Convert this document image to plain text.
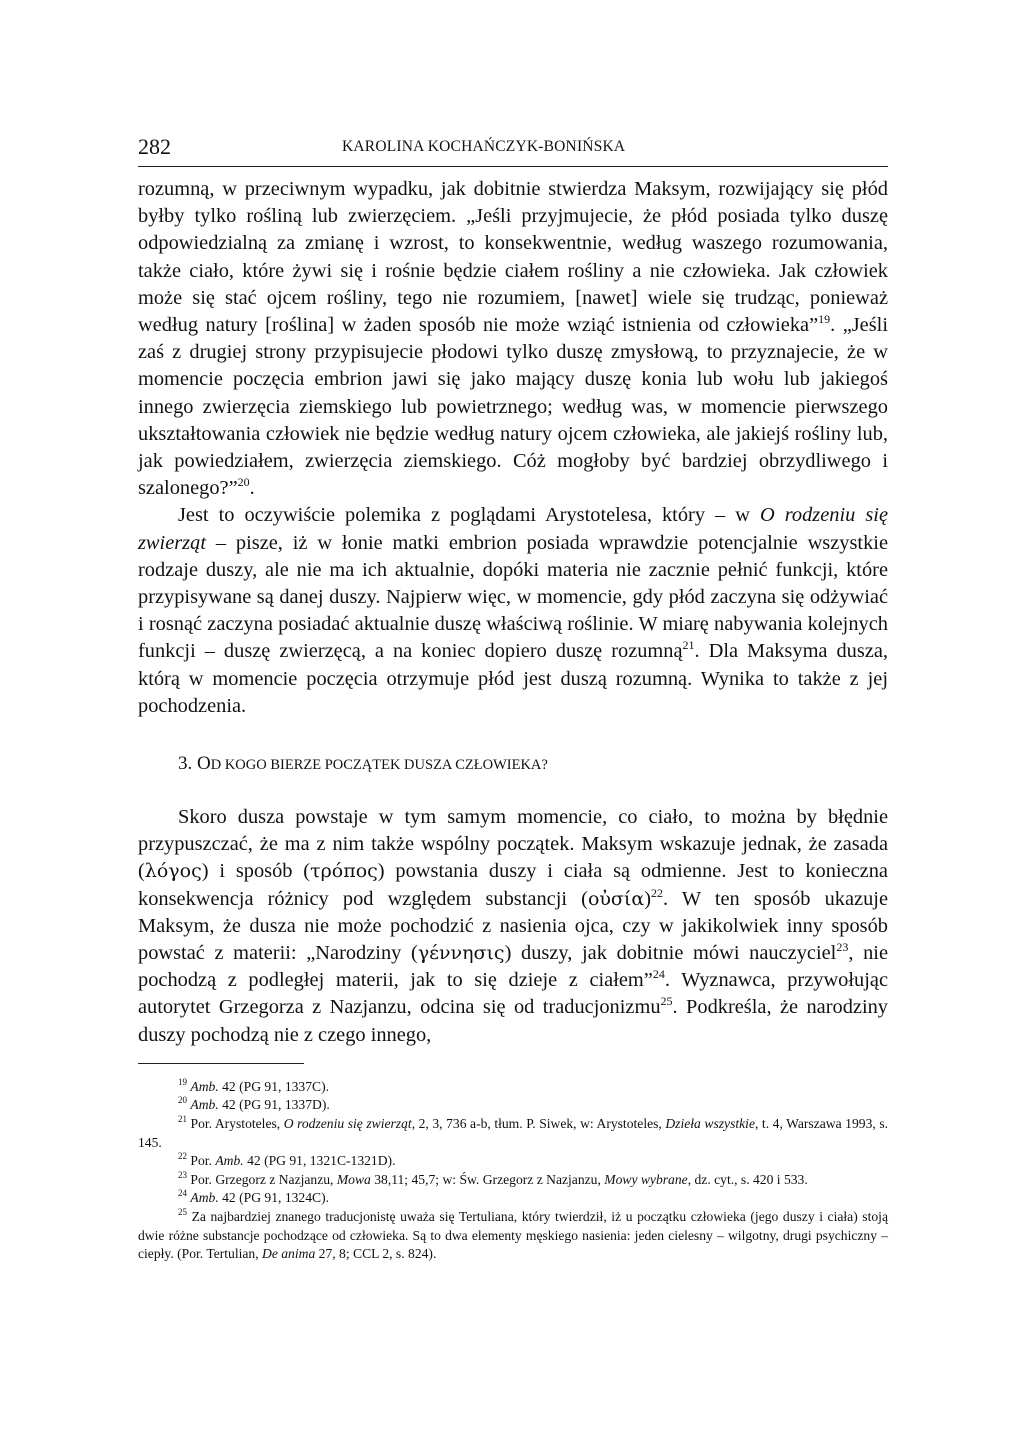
282	KAROLINA KOCHAŃCZYK-BONIŃSKA

rozumną, w przeciwnym wypadku, jak dobitnie stwierdza Maksym, rozwijający się płód byłby tylko rośliną lub zwierzęciem. „Jeśli przyjmujecie, że płód posiada tylko duszę odpowiedzialną za zmianę i wzrost, to konsekwentnie, według waszego rozumowania, także ciało, które żywi się i rośnie będzie ciałem rośliny a nie człowieka. Jak człowiek może się stać ojcem rośliny, tego nie rozumiem, [nawet] wiele się trudząc, ponieważ według natury [roślina] w żaden sposób nie może wziąć istnienia od człowieka”$^{19}$. „Jeśli zaś z drugiej strony przypisujecie płodowi tylko duszę zmysłową, to przyznajecie, że w momencie poczęcia embrion jawi się jako mający duszę konia lub wołu lub jakiegoś innego zwierzęcia ziemskiego lub powietrznego; według was, w momencie pierwszego ukształtowania człowiek nie będzie według natury ojcem człowieka, ale jakiejś rośliny lub, jak powiedziałem, zwierzęcia ziemskiego. Cóż mogłoby być bardziej obrzydliwego i szalonego?”$^{20}$.

Jest to oczywiście polemika z poglądami Arystotelesa, który – w O rodzeniu się zwierząt – pisze, iż w łonie matki embrion posiada wprawdzie potencjalnie wszystkie rodzaje duszy, ale nie ma ich aktualnie, dopóki materia nie zacznie pełnić funkcji, które przypisywane są danej duszy. Najpierw więc, w momencie, gdy płód zaczyna się odżywiać i rosnąć zaczyna posiadać aktualnie duszę właściwą roślinie. W miarę nabywania kolejnych funkcji – duszę zwierzęcą, a na koniec dopiero duszę rozumną$^{21}$. Dla Maksyma dusza, którą w momencie poczęcia otrzymuje płód jest duszą rozumną. Wynika to także z jej pochodzenia.

3. OD KOGO BIERZE POCZĄTEK DUSZA CZŁOWIEKA?

Skoro dusza powstaje w tym samym momencie, co ciało, to można by błędnie przypuszczać, że ma z nim także wspólny początek. Maksym wskazuje jednak, że zasada (λόγος) i sposób (τρόπος) powstania duszy i ciała są odmienne. Jest to konieczna konsekwencja różnicy pod względem substancji (οὐσία)$^{22}$. W ten sposób ukazuje Maksym, że dusza nie może pochodzić z nasienia ojca, czy w jakikolwiek inny sposób powstać z materii: „Narodziny (γέννησις) duszy, jak dobitnie mówi nauczyciel$^{23}$, nie pochodzą z podległej materii, jak to się dzieje z ciałem”$^{24}$. Wyznawca, przywołując autorytet Grzegorza z Nazjanzu, odcina się od traducjonizmu$^{25}$. Podkreśla, że narodziny duszy pochodzą nie z czego innego,

$^{19}$ Amb. 42 (PG 91, 1337C).

$^{20}$ Amb. 42 (PG 91, 1337D).

$^{21}$ Por. Arystoteles, O rodzeniu się zwierząt, 2, 3, 736 a-b, tłum. P. Siwek, w: Arystoteles, Dzieła wszystkie, t. 4, Warszawa 1993, s. 145.

$^{22}$ Por. Amb. 42 (PG 91, 1321C-1321D).

$^{23}$ Por. Grzegorz z Nazjanzu, Mowa 38,11; 45,7; w: Św. Grzegorz z Nazjanzu, Mowy wybrane, dz. cyt., s. 420 i 533.

$^{24}$ Amb. 42 (PG 91, 1324C).

$^{25}$ Za najbardziej znanego traducjonistę uważa się Tertuliana, który twierdził, iż u początku człowieka (jego duszy i ciała) stoją dwie różne substancje pochodzące od człowieka. Są to dwa elementy męskiego nasienia: jeden cielesny – wilgotny, drugi psychiczny – ciepły. (Por. Tertulian, De anima 27, 8; CCL 2, s. 824).
